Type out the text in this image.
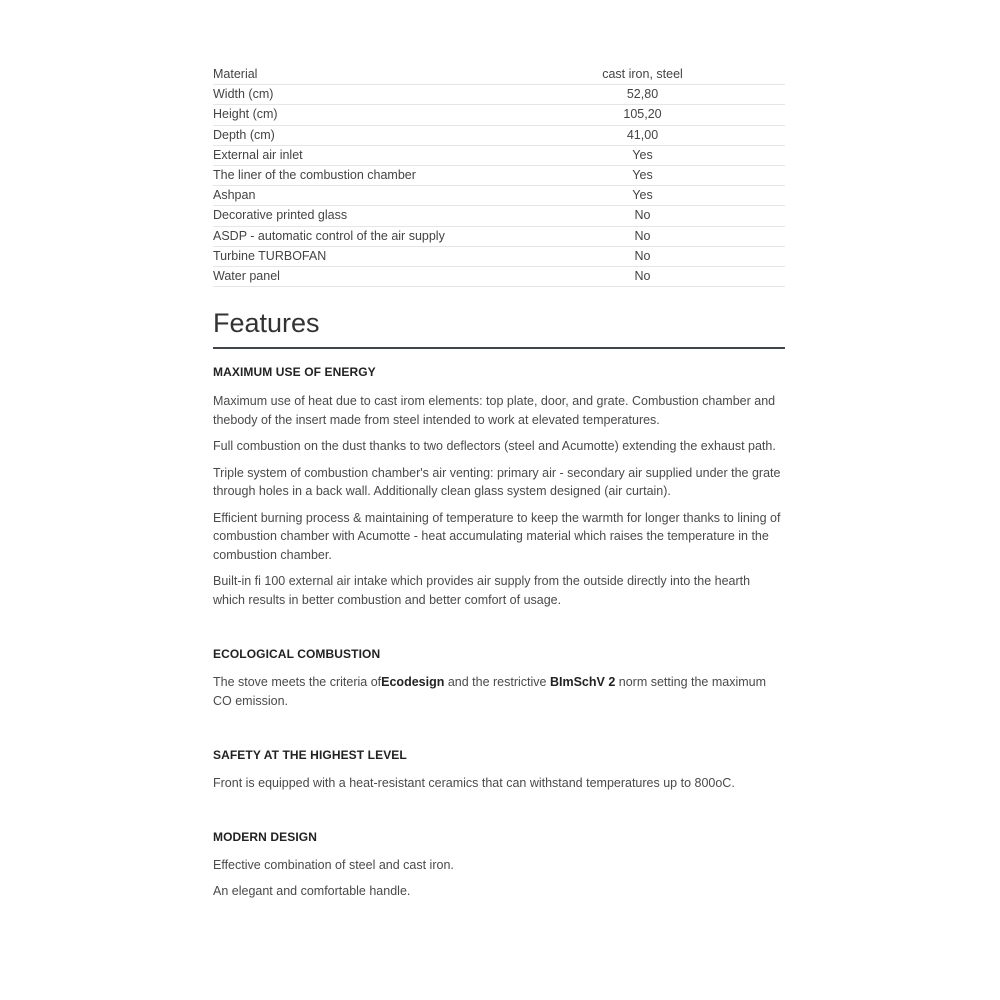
Material	cast iron, steel
Width (cm)	52,80
Height (cm)	105,20
Depth (cm)	41,00
External air inlet	Yes
The liner of the combustion chamber	Yes
Ashpan	Yes
Decorative printed glass	No
ASDP - automatic control of the air supply	No
Turbine TURBOFAN	No
Water panel	No
Features
MAXIMUM USE OF ENERGY

Maximum use of heat due to cast irom elements: top plate, door, and grate. Combustion chamber and thebody of the insert made from steel intended to work at elevated temperatures.

Full combustion on the dust thanks to two deflectors (steel and Acumotte) extending the exhaust path.

Triple system of combustion chamber's air venting: primary air - secondary air supplied under the grate through holes in a back wall. Additionally clean glass system designed (air curtain).

Efficient burning process & maintaining of temperature to keep the warmth for longer thanks to lining of combustion chamber with Acumotte - heat accumulating material which raises the temperature in the combustion chamber.

Built-in fi 100 external air intake which provides air supply from the outside directly into the hearth which results in better combustion and better comfort of usage.

ECOLOGICAL COMBUSTION

The stove meets the criteria ofEcodesign and the restrictive BImSchV 2 norm setting the maximum CO emission.

SAFETY AT THE HIGHEST LEVEL

Front is equipped with a heat-resistant ceramics that can withstand temperatures up to 800oC.

MODERN DESIGN

Effective combination of steel and cast iron.

An elegant and comfortable handle.
